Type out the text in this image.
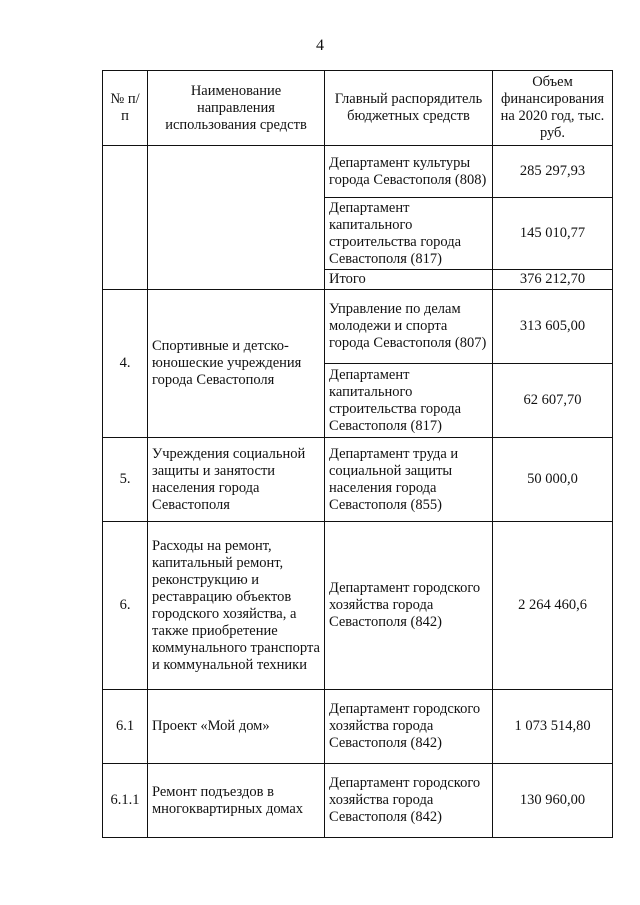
4
№ п/п	Наименование направления использования средств	Главный распорядитель бюджетных средств	Объем финансирования на 2020 год, тыс. руб.
		Департамент культуры города Севастополя (808)	285 297,93
		Департамент капитального строительства города Севастополя (817)	145 010,77
		Итого	376 212,70
4.	Спортивные и детско-юношеские учреждения города Севастополя	Управление по делам молодежи и спорта города Севастополя (807)	313 605,00
		Департамент капитального строительства города Севастополя (817)	62 607,70
5.	Учреждения социальной защиты и занятости населения города Севастополя	Департамент труда и социальной защиты населения города Севастополя (855)	50 000,0
6.	Расходы на ремонт, капитальный ремонт, реконструкцию и реставрацию объектов городского хозяйства, а также приобретение коммунального транспорта и коммунальной техники	Департамент городского хозяйства города Севастополя (842)	2 264 460,6
6.1	Проект «Мой дом»	Департамент городского хозяйства города Севастополя (842)	1 073 514,80
6.1.1	Ремонт подъездов в многоквартирных домах	Департамент городского хозяйства города Севастополя (842)	130 960,00
